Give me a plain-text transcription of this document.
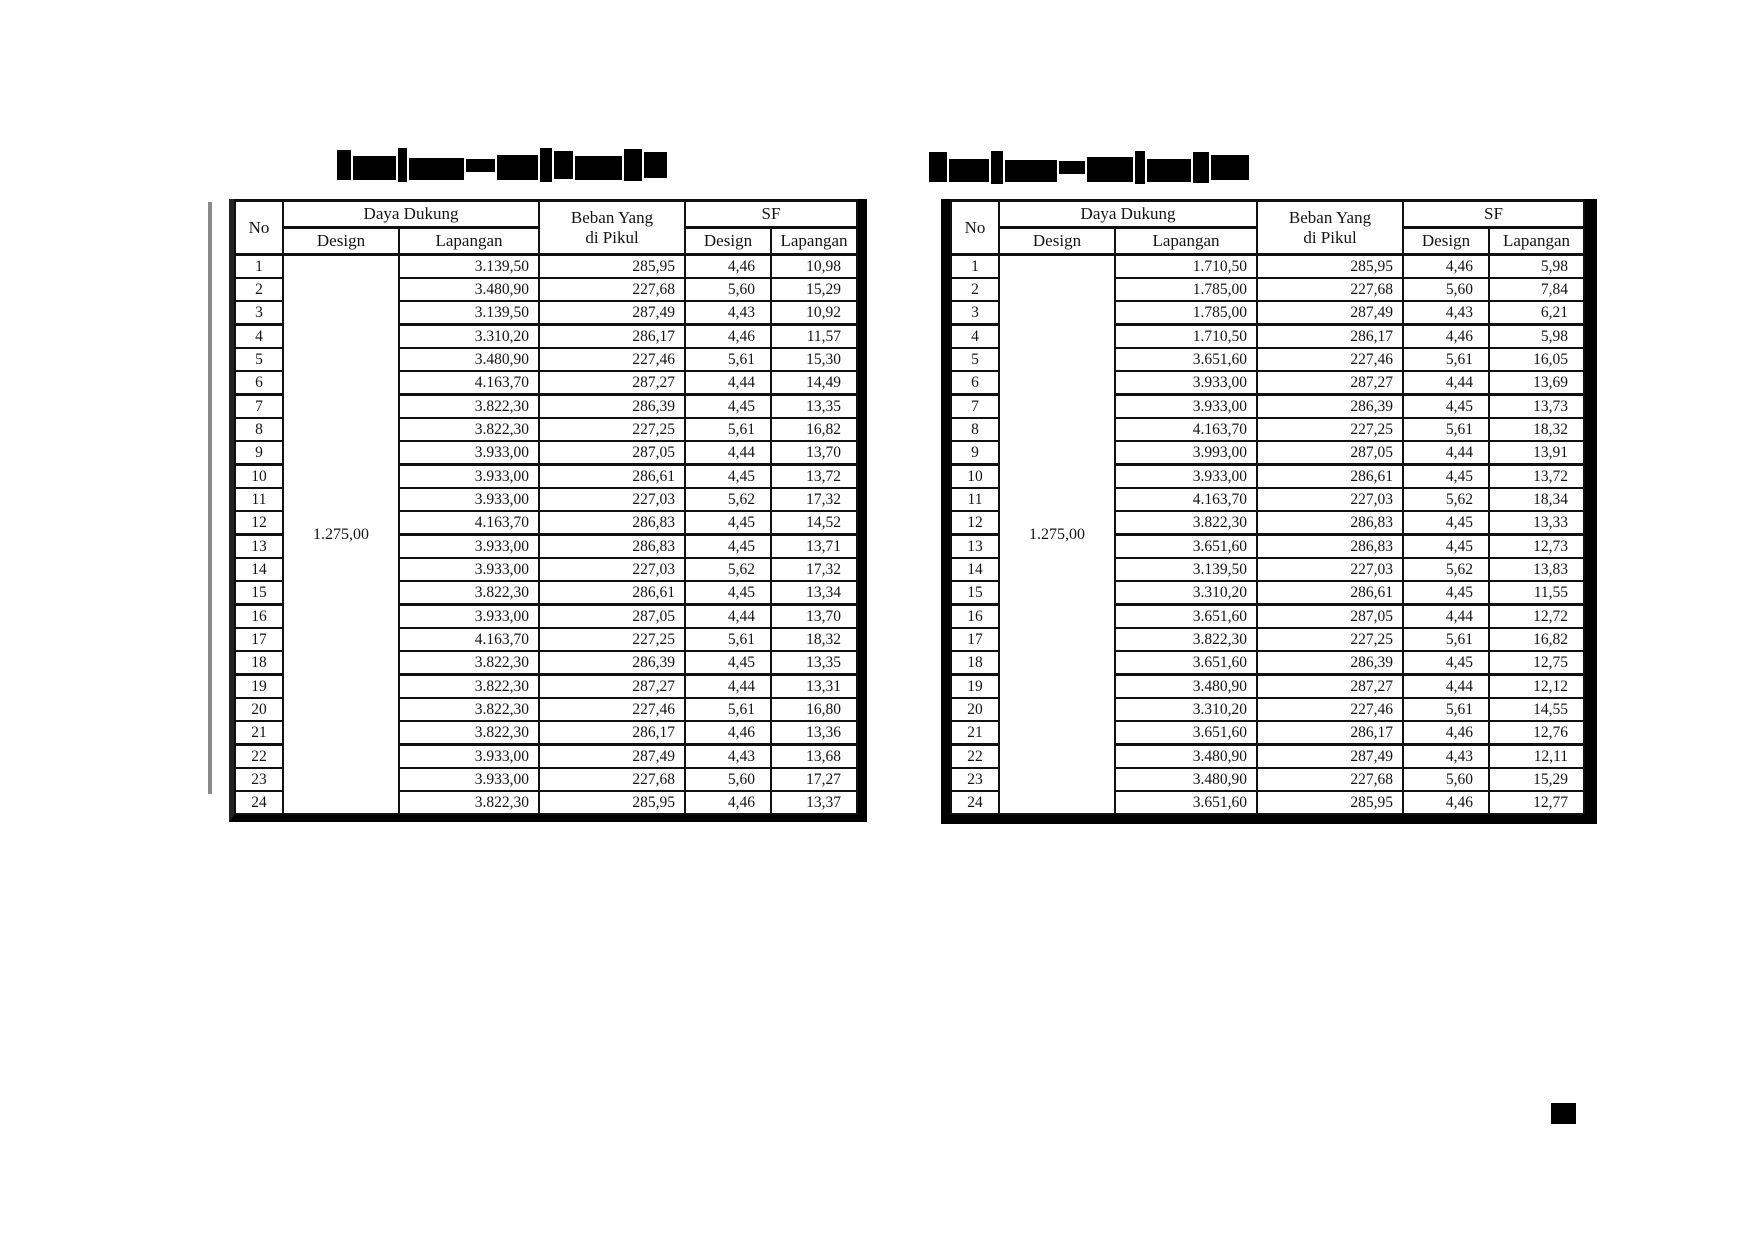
No	Daya Dukung		Beban Yang
di Pikul	SF	
	Design	Lapangan		Design	Lapangan
1	1.275,00	3.139,50	285,95	4,46	10,98
2		3.480,90	227,68	5,60	15,29
3		3.139,50	287,49	4,43	10,92
4		3.310,20	286,17	4,46	11,57
5		3.480,90	227,46	5,61	15,30
6		4.163,70	287,27	4,44	14,49
7		3.822,30	286,39	4,45	13,35
8		3.822,30	227,25	5,61	16,82
9		3.933,00	287,05	4,44	13,70
10		3.933,00	286,61	4,45	13,72
11		3.933,00	227,03	5,62	17,32
12		4.163,70	286,83	4,45	14,52
13		3.933,00	286,83	4,45	13,71
14		3.933,00	227,03	5,62	17,32
15		3.822,30	286,61	4,45	13,34
16		3.933,00	287,05	4,44	13,70
17		4.163,70	227,25	5,61	18,32
18		3.822,30	286,39	4,45	13,35
19		3.822,30	287,27	4,44	13,31
20		3.822,30	227,46	5,61	16,80
21		3.822,30	286,17	4,46	13,36
22		3.933,00	287,49	4,43	13,68
23		3.933,00	227,68	5,60	17,27
24		3.822,30	285,95	4,46	13,37
No	Daya Dukung		Beban Yang
di Pikul	SF	
	Design	Lapangan		Design	Lapangan
1	1.275,00	1.710,50	285,95	4,46	5,98
2		1.785,00	227,68	5,60	7,84
3		1.785,00	287,49	4,43	6,21
4		1.710,50	286,17	4,46	5,98
5		3.651,60	227,46	5,61	16,05
6		3.933,00	287,27	4,44	13,69
7		3.933,00	286,39	4,45	13,73
8		4.163,70	227,25	5,61	18,32
9		3.993,00	287,05	4,44	13,91
10		3.933,00	286,61	4,45	13,72
11		4.163,70	227,03	5,62	18,34
12		3.822,30	286,83	4,45	13,33
13		3.651,60	286,83	4,45	12,73
14		3.139,50	227,03	5,62	13,83
15		3.310,20	286,61	4,45	11,55
16		3.651,60	287,05	4,44	12,72
17		3.822,30	227,25	5,61	16,82
18		3.651,60	286,39	4,45	12,75
19		3.480,90	287,27	4,44	12,12
20		3.310,20	227,46	5,61	14,55
21		3.651,60	286,17	4,46	12,76
22		3.480,90	287,49	4,43	12,11
23		3.480,90	227,68	5,60	15,29
24		3.651,60	285,95	4,46	12,77
